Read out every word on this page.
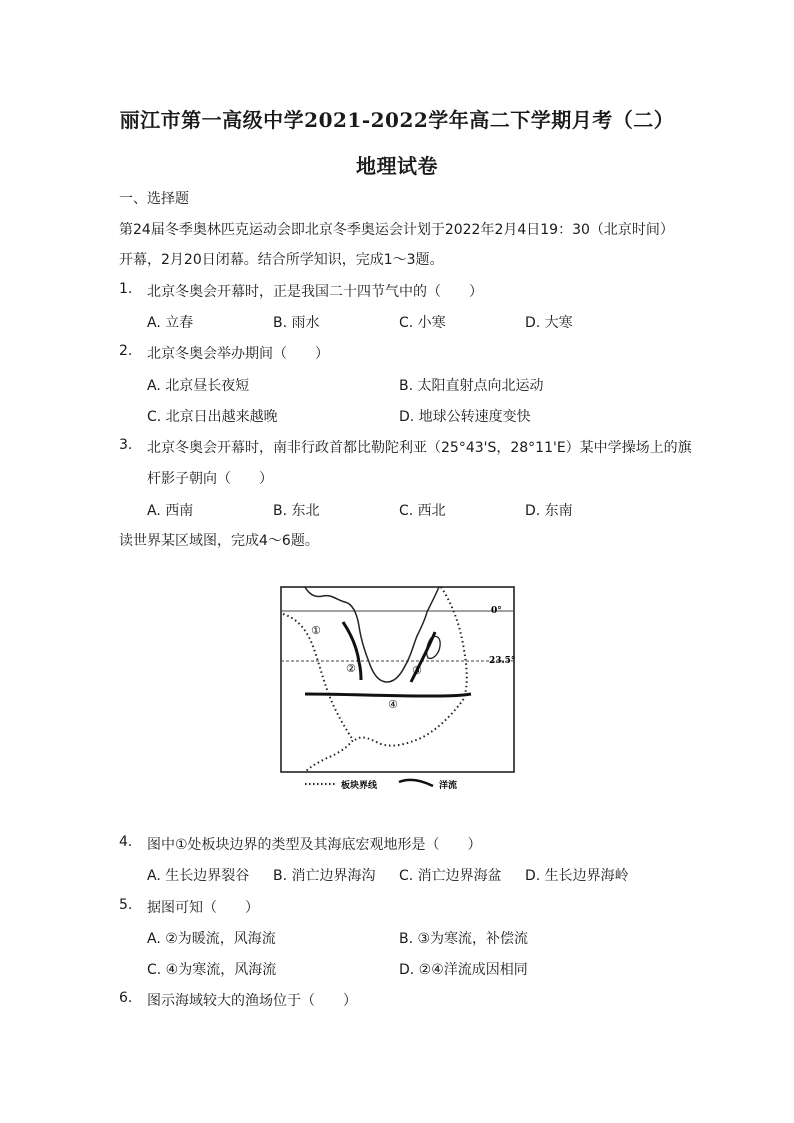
丽江市第一高级中学2021-2022学年高二下学期月考（二）
地理试卷
一、选择题
第24届冬季奥林匹克运动会即北京冬季奥运会计划于2022年2月4日19：30（北京时间）
开幕，2月20日闭幕。结合所学知识，完成1～3题。
1. 北京冬奥会开幕时，正是我国二十四节气中的（　　）
A. 立春	B. 雨水	C. 小寒	D. 大寒
2. 北京冬奥会举办期间（　　）
A. 北京昼长夜短	B. 太阳直射点向北运动
C. 北京日出越来越晚	D. 地球公转速度变快
3. 北京冬奥会开幕时，南非行政首都比勒陀利亚（25°43'S，28°11'E）某中学操场上的旗
杆影子朝向（　　）
A. 西南	B. 东北	C. 西北	D. 东南
读世界某区域图，完成4～6题。
0°
23.5°
①
②	③
④
板块界线	洋流
4. 图中①处板块边界的类型及其海底宏观地形是（　　）
A. 生长边界裂谷 B. 消亡边界海沟 C. 消亡边界海盆 D. 生长边界海岭
5. 据图可知（　　）
A. ②为暖流，风海流	B. ③为寒流，补偿流
C. ④为寒流，风海流	D. ②④洋流成因相同
6. 图示海域较大的渔场位于（　　）
